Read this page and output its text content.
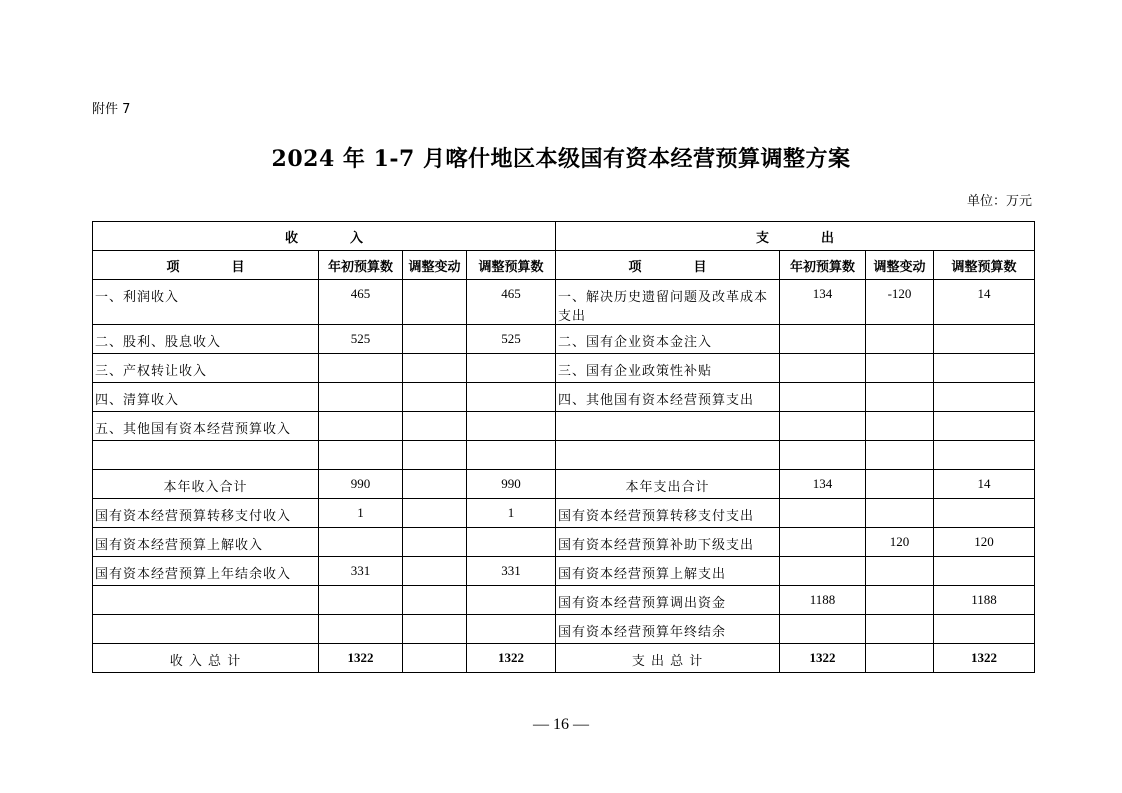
附件 7
2024 年 1-7 月喀什地区本级国有资本经营预算调整方案
单位：万元
收　　　　入				支　　　　出			
项　　　　目	年初预算数	调整变动	调整预算数	项　　　　目	年初预算数	调整变动	调整预算数
一、利润收入	465		465	一、解决历史遗留问题及改革成本支出	134	-120	14
二、股利、股息收入	525		525	二、国有企业资本金注入			
三、产权转让收入				三、国有企业政策性补贴			
四、清算收入				四、其他国有资本经营预算支出			
五、其他国有资本经营预算收入							

本年收入合计	990		990	本年支出合计	134		14
国有资本经营预算转移支付收入	1		1	国有资本经营预算转移支付支出			
国有资本经营预算上解收入				国有资本经营预算补助下级支出		120	120
国有资本经营预算上年结余收入	331		331	国有资本经营预算上解支出			
				国有资本经营预算调出资金	1188		1188
				国有资本经营预算年终结余			
收 入 总 计	1322		1322	支 出 总 计	1322		1322
— 16 —
